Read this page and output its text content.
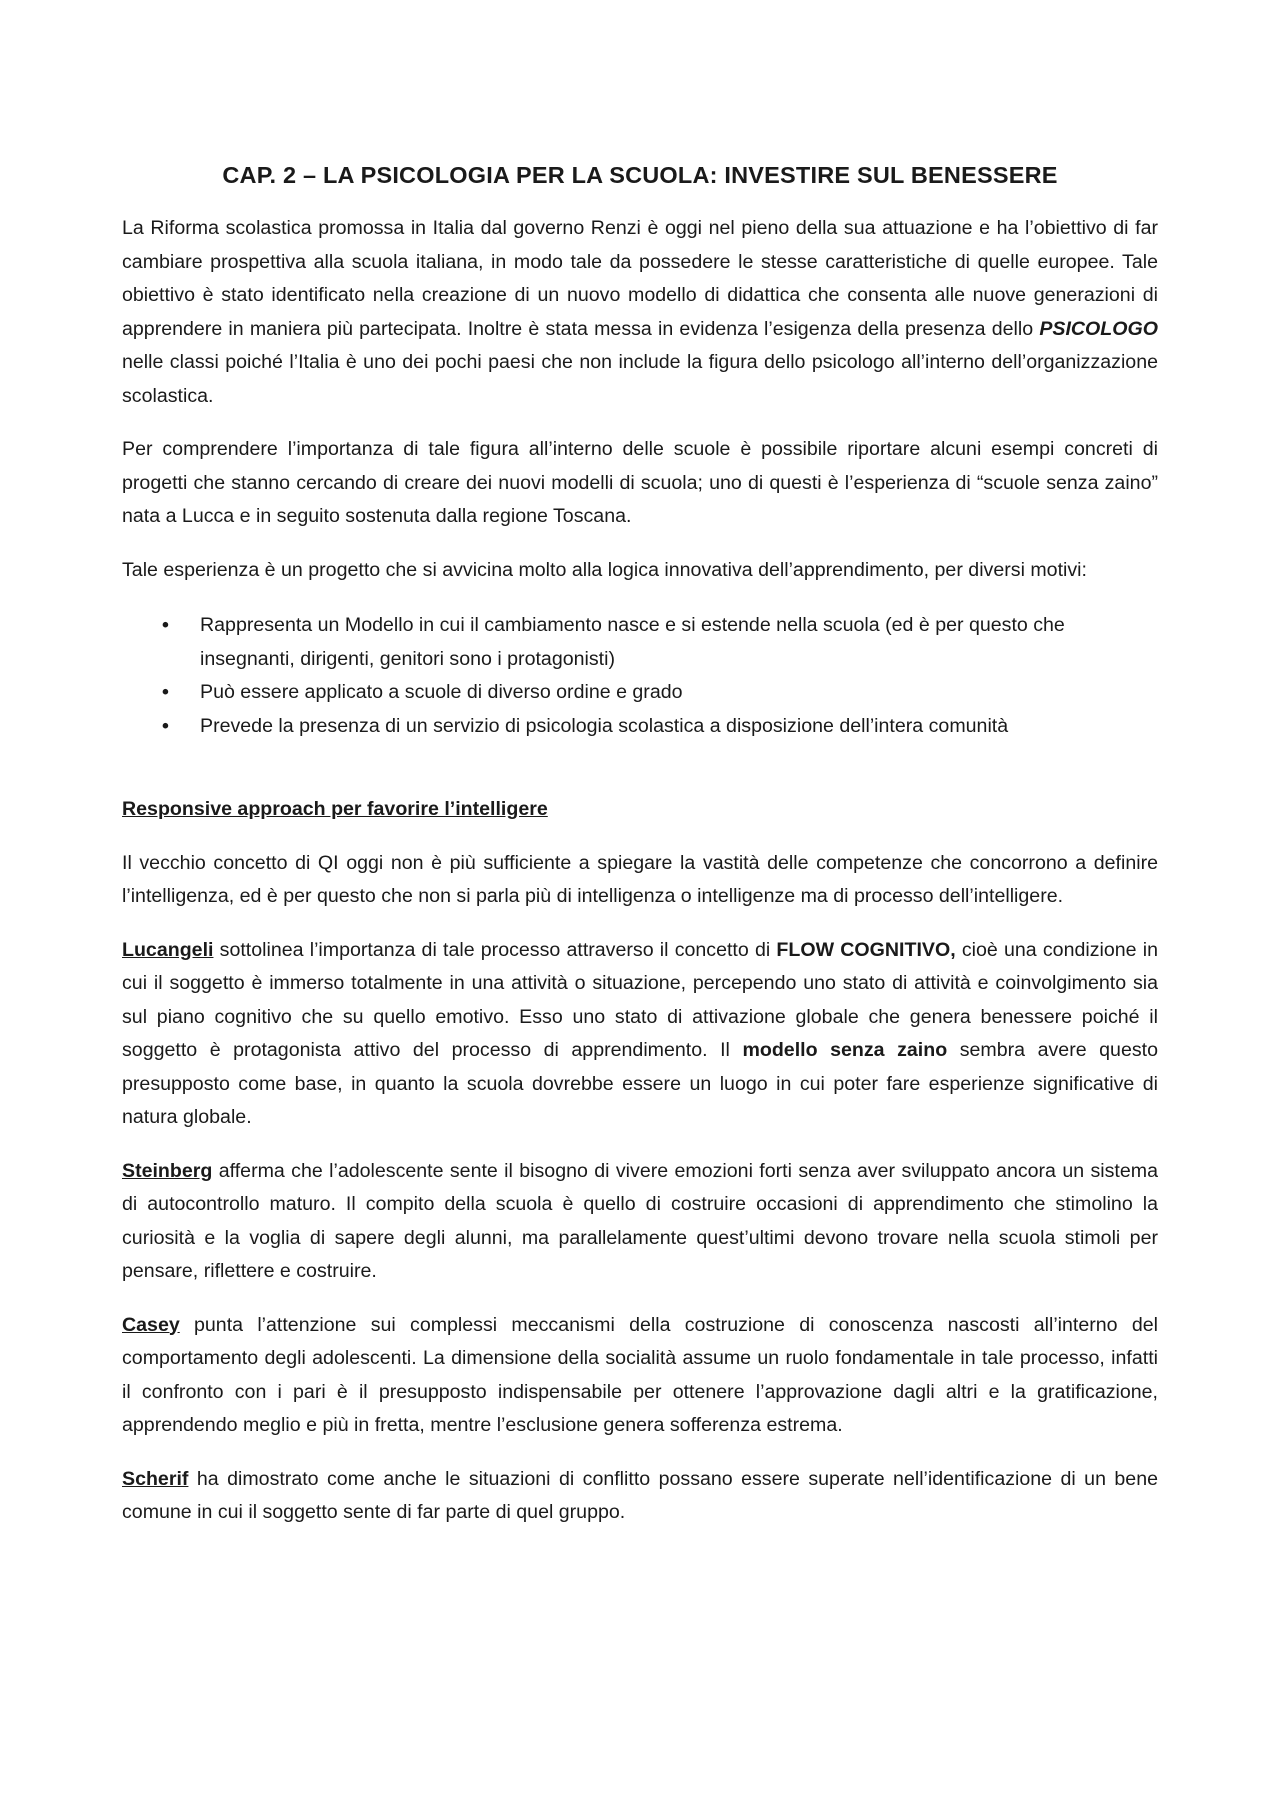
CAP. 2 – LA PSICOLOGIA PER LA SCUOLA: INVESTIRE SUL BENESSERE

La Riforma scolastica promossa in Italia dal governo Renzi è oggi nel pieno della sua attuazione e ha l’obiettivo di far cambiare prospettiva alla scuola italiana, in modo tale da possedere le stesse caratteristiche di quelle europee. Tale obiettivo è stato identificato nella creazione di un nuovo modello di didattica che consenta alle nuove generazioni di apprendere in maniera più partecipata. Inoltre è stata messa in evidenza l’esigenza della presenza dello PSICOLOGO nelle classi poiché l’Italia è uno dei pochi paesi che non include la figura dello psicologo all’interno dell’organizzazione scolastica.

Per comprendere l’importanza di tale figura all’interno delle scuole è possibile riportare alcuni esempi concreti di progetti che stanno cercando di creare dei nuovi modelli di scuola; uno di questi è l’esperienza di “scuole senza zaino” nata a Lucca e in seguito sostenuta dalla regione Toscana.

Tale esperienza è un progetto che si avvicina molto alla logica innovativa dell’apprendimento, per diversi motivi:

• Rappresenta un Modello in cui il cambiamento nasce e si estende nella scuola (ed è per questo che insegnanti, dirigenti, genitori sono i protagonisti)
• Può essere applicato a scuole di diverso ordine e grado
• Prevede la presenza di un servizio di psicologia scolastica a disposizione dell’intera comunità
Responsive approach per favorire l’intelligere

Il vecchio concetto di QI oggi non è più sufficiente a spiegare la vastità delle competenze che concorrono a definire l’intelligenza, ed è per questo che non si parla più di intelligenza o intelligenze ma di processo dell’intelligere.

Lucangeli sottolinea l’importanza di tale processo attraverso il concetto di FLOW COGNITIVO, cioè una condizione in cui il soggetto è immerso totalmente in una attività o situazione, percependo uno stato di attività e coinvolgimento sia sul piano cognitivo che su quello emotivo. Esso uno stato di attivazione globale che genera benessere poiché il soggetto è protagonista attivo del processo di apprendimento. Il modello senza zaino sembra avere questo presupposto come base, in quanto la scuola dovrebbe essere un luogo in cui poter fare esperienze significative di natura globale.

Steinberg afferma che l’adolescente sente il bisogno di vivere emozioni forti senza aver sviluppato ancora un sistema di autocontrollo maturo. Il compito della scuola è quello di costruire occasioni di apprendimento che stimolino la curiosità e la voglia di sapere degli alunni, ma parallelamente quest’ultimi devono trovare nella scuola stimoli per pensare, riflettere e costruire.

Casey punta l’attenzione sui complessi meccanismi della costruzione di conoscenza nascosti all’interno del comportamento degli adolescenti. La dimensione della socialità assume un ruolo fondamentale in tale processo, infatti il confronto con i pari è il presupposto indispensabile per ottenere l’approvazione dagli altri e la gratificazione, apprendendo meglio e più in fretta, mentre l’esclusione genera sofferenza estrema.

Scherif ha dimostrato come anche le situazioni di conflitto possano essere superate nell’identificazione di un bene comune in cui il soggetto sente di far parte di quel gruppo.
